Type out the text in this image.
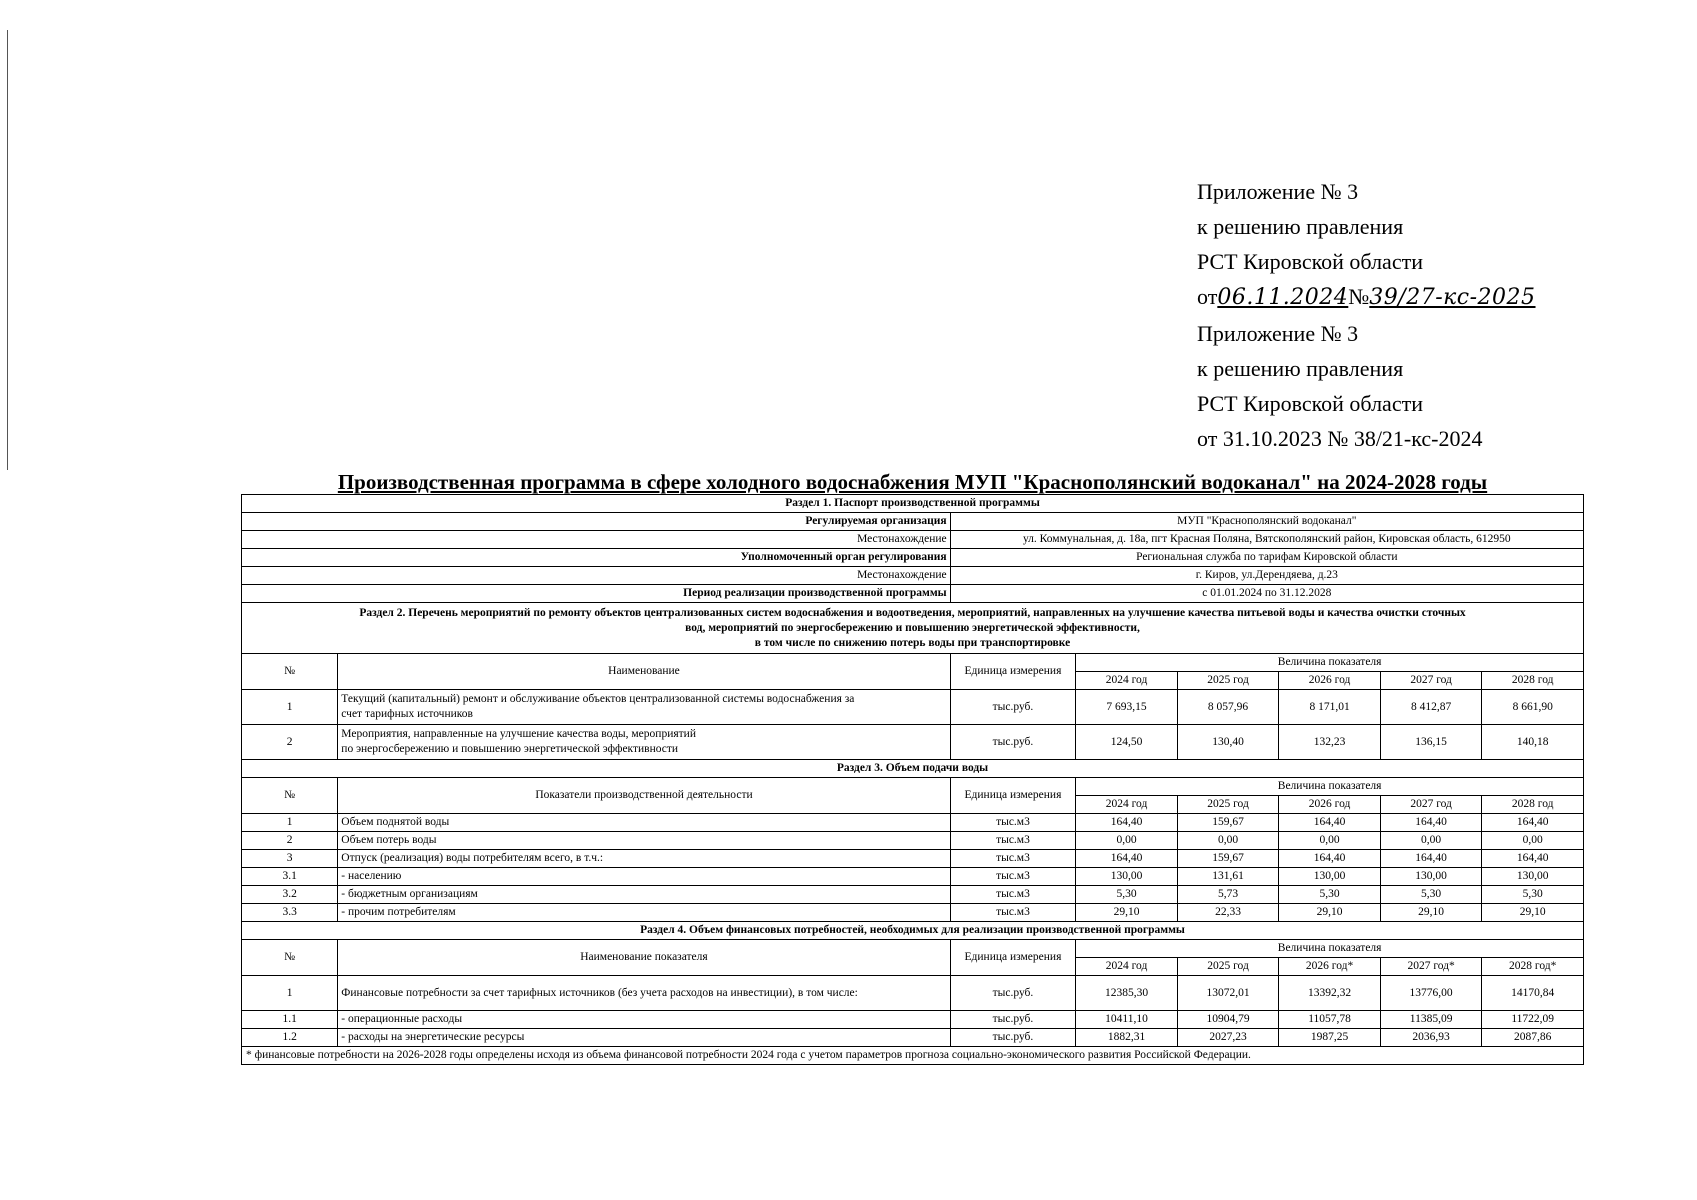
Приложение № 3
к решению правления
РСТ Кировской области
от06.11.2024№39/27-кс-2025
Приложение № 3
к решению правления
РСТ Кировской области
от 31.10.2023 № 38/21-кс-2024
Производственная программа в сфере холодного водоснабжения МУП "Краснополянский водоканал" на 2024-2028 годы
Раздел 1. Паспорт производственной программы							
Регулируемая организация		МУП "Краснополянский водоканал"					
Местонахождение		ул. Коммунальная, д. 18а, пгт Красная Поляна, Вятскополянский район, Кировская область, 612950					
Уполномоченный орган регулирования		Региональная служба по тарифам Кировской области					
Местонахождение		г. Киров, ул.Дерендяева, д.23					
Период реализации производственной программы		с 01.01.2024 по 31.12.2028					

Раздел 2. Перечень мероприятий по ремонту объектов централизованных систем водоснабжения и водоотведения, мероприятий, направленных на улучшение качества питьевой воды и качества очистки сточных
вод, мероприятий по энергосбережению и повышению энергетической эффективности,
в том числе по снижению потерь воды при транспортировке							

№	Наименование	Единица измерения	Величина показателя				
			2024 год	2025 год	2026 год	2027 год	2028 год
1	Текущий (капитальный) ремонт и обслуживание объектов централизованной системы водоснабжения за
счет тарифных источников	тыс.руб.	7 693,15	8 057,96	8 171,01	8 412,87	8 661,90
2	Мероприятия, направленные на улучшение качества воды, мероприятий
по энергосбережению и повышению энергетической эффективности	тыс.руб.	124,50	130,40	132,23	136,15	140,18
Раздел 3. Объем подачи воды							
№	Показатели производственной деятельности	Единица измерения	Величина показателя				
			2024 год	2025 год	2026 год	2027 год	2028 год
1	Объем поднятой воды	тыс.м3	164,40	159,67	164,40	164,40	164,40
2	Объем потерь воды	тыс.м3	0,00	0,00	0,00	0,00	0,00
3	Отпуск (реализация) воды потребителям всего, в т.ч.:	тыс.м3	164,40	159,67	164,40	164,40	164,40
3.1	- населению	тыс.м3	130,00	131,61	130,00	130,00	130,00
3.2	- бюджетным организациям	тыс.м3	5,30	5,73	5,30	5,30	5,30
3.3	- прочим потребителям	тыс.м3	29,10	22,33	29,10	29,10	29,10
Раздел 4. Объем финансовых потребностей, необходимых для реализации производственной программы							
№	Наименование показателя	Единица измерения	Величина показателя				
			2024 год	2025 год	2026 год*	2027 год*	2028 год*
1	Финансовые потребности за счет тарифных источников (без учета расходов на инвестиции), в том числе:	тыс.руб.	12385,30	13072,01	13392,32	13776,00	14170,84
1.1	- операционные расходы	тыс.руб.	10411,10	10904,79	11057,78	11385,09	11722,09
1.2	- расходы на энергетические ресурсы	тыс.руб.	1882,31	2027,23	1987,25	2036,93	2087,86
* финансовые потребности на 2026-2028 годы определены исходя из объема финансовой потребности 2024 года с учетом параметров прогноза социально-экономического развития Российской Федерации.							
